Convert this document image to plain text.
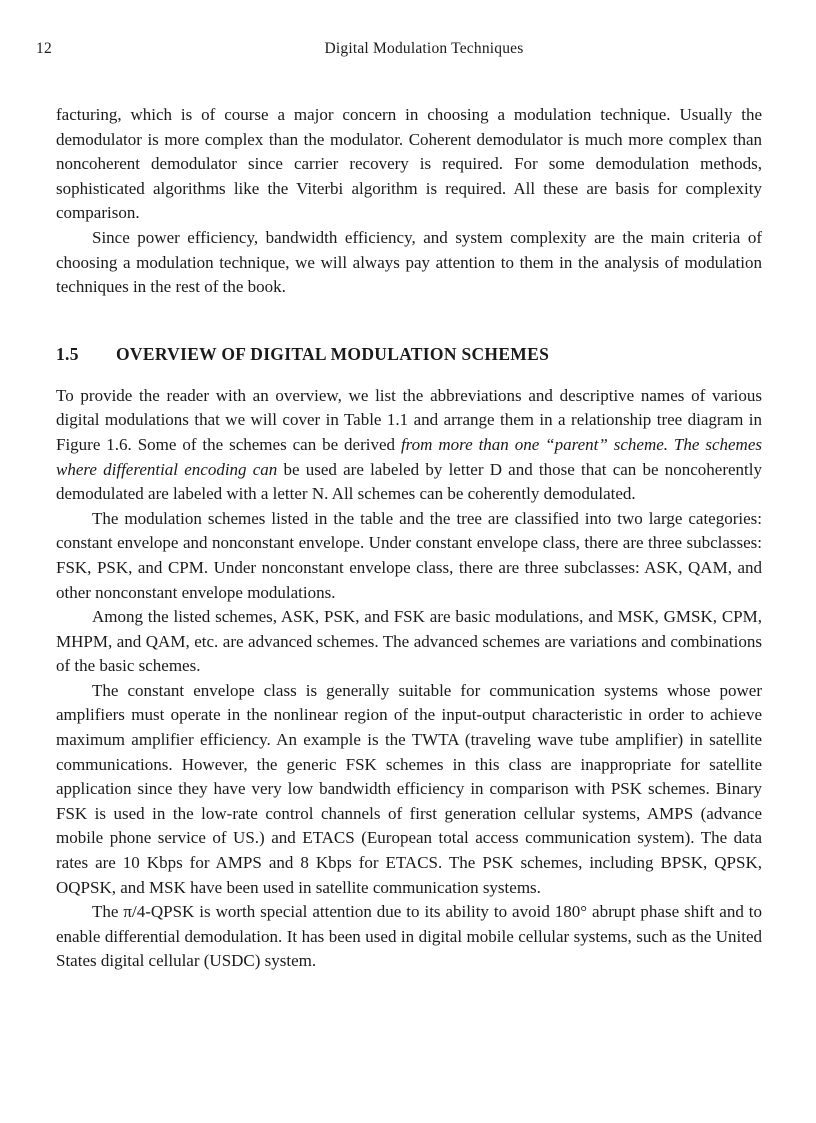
12	Digital Modulation Techniques

facturing, which is of course a major concern in choosing a modulation technique. Usually the demodulator is more complex than the modulator. Coherent demodulator is much more complex than noncoherent demodulator since carrier recovery is required. For some demodulation methods, sophisticated algorithms like the Viterbi algorithm is required. All these are basis for complexity comparison.

Since power efficiency, bandwidth efficiency, and system complexity are the main criteria of choosing a modulation technique, we will always pay attention to them in the analysis of modulation techniques in the rest of the book.

1.5	OVERVIEW OF DIGITAL MODULATION SCHEMES

To provide the reader with an overview, we list the abbreviations and descriptive names of various digital modulations that we will cover in Table 1.1 and arrange them in a relationship tree diagram in Figure 1.6. Some of the schemes can be derived from more than one “parent” scheme. The schemes where differential encoding can be used are labeled by letter D and those that can be noncoherently demodulated are labeled with a letter N. All schemes can be coherently demodulated.

The modulation schemes listed in the table and the tree are classified into two large categories: constant envelope and nonconstant envelope. Under constant envelope class, there are three subclasses: FSK, PSK, and CPM. Under nonconstant envelope class, there are three subclasses: ASK, QAM, and other nonconstant envelope modulations.

Among the listed schemes, ASK, PSK, and FSK are basic modulations, and MSK, GMSK, CPM, MHPM, and QAM, etc. are advanced schemes. The advanced schemes are variations and combinations of the basic schemes.

The constant envelope class is generally suitable for communication systems whose power amplifiers must operate in the nonlinear region of the input-output characteristic in order to achieve maximum amplifier efficiency. An example is the TWTA (traveling wave tube amplifier) in satellite communications. However, the generic FSK schemes in this class are inappropriate for satellite application since they have very low bandwidth efficiency in comparison with PSK schemes. Binary FSK is used in the low-rate control channels of first generation cellular systems, AMPS (advance mobile phone service of US.) and ETACS (European total access communication system). The data rates are 10 Kbps for AMPS and 8 Kbps for ETACS. The PSK schemes, including BPSK, QPSK, OQPSK, and MSK have been used in satellite communication systems.

The π/4-QPSK is worth special attention due to its ability to avoid 180° abrupt phase shift and to enable differential demodulation. It has been used in digital mobile cellular systems, such as the United States digital cellular (USDC) system.
